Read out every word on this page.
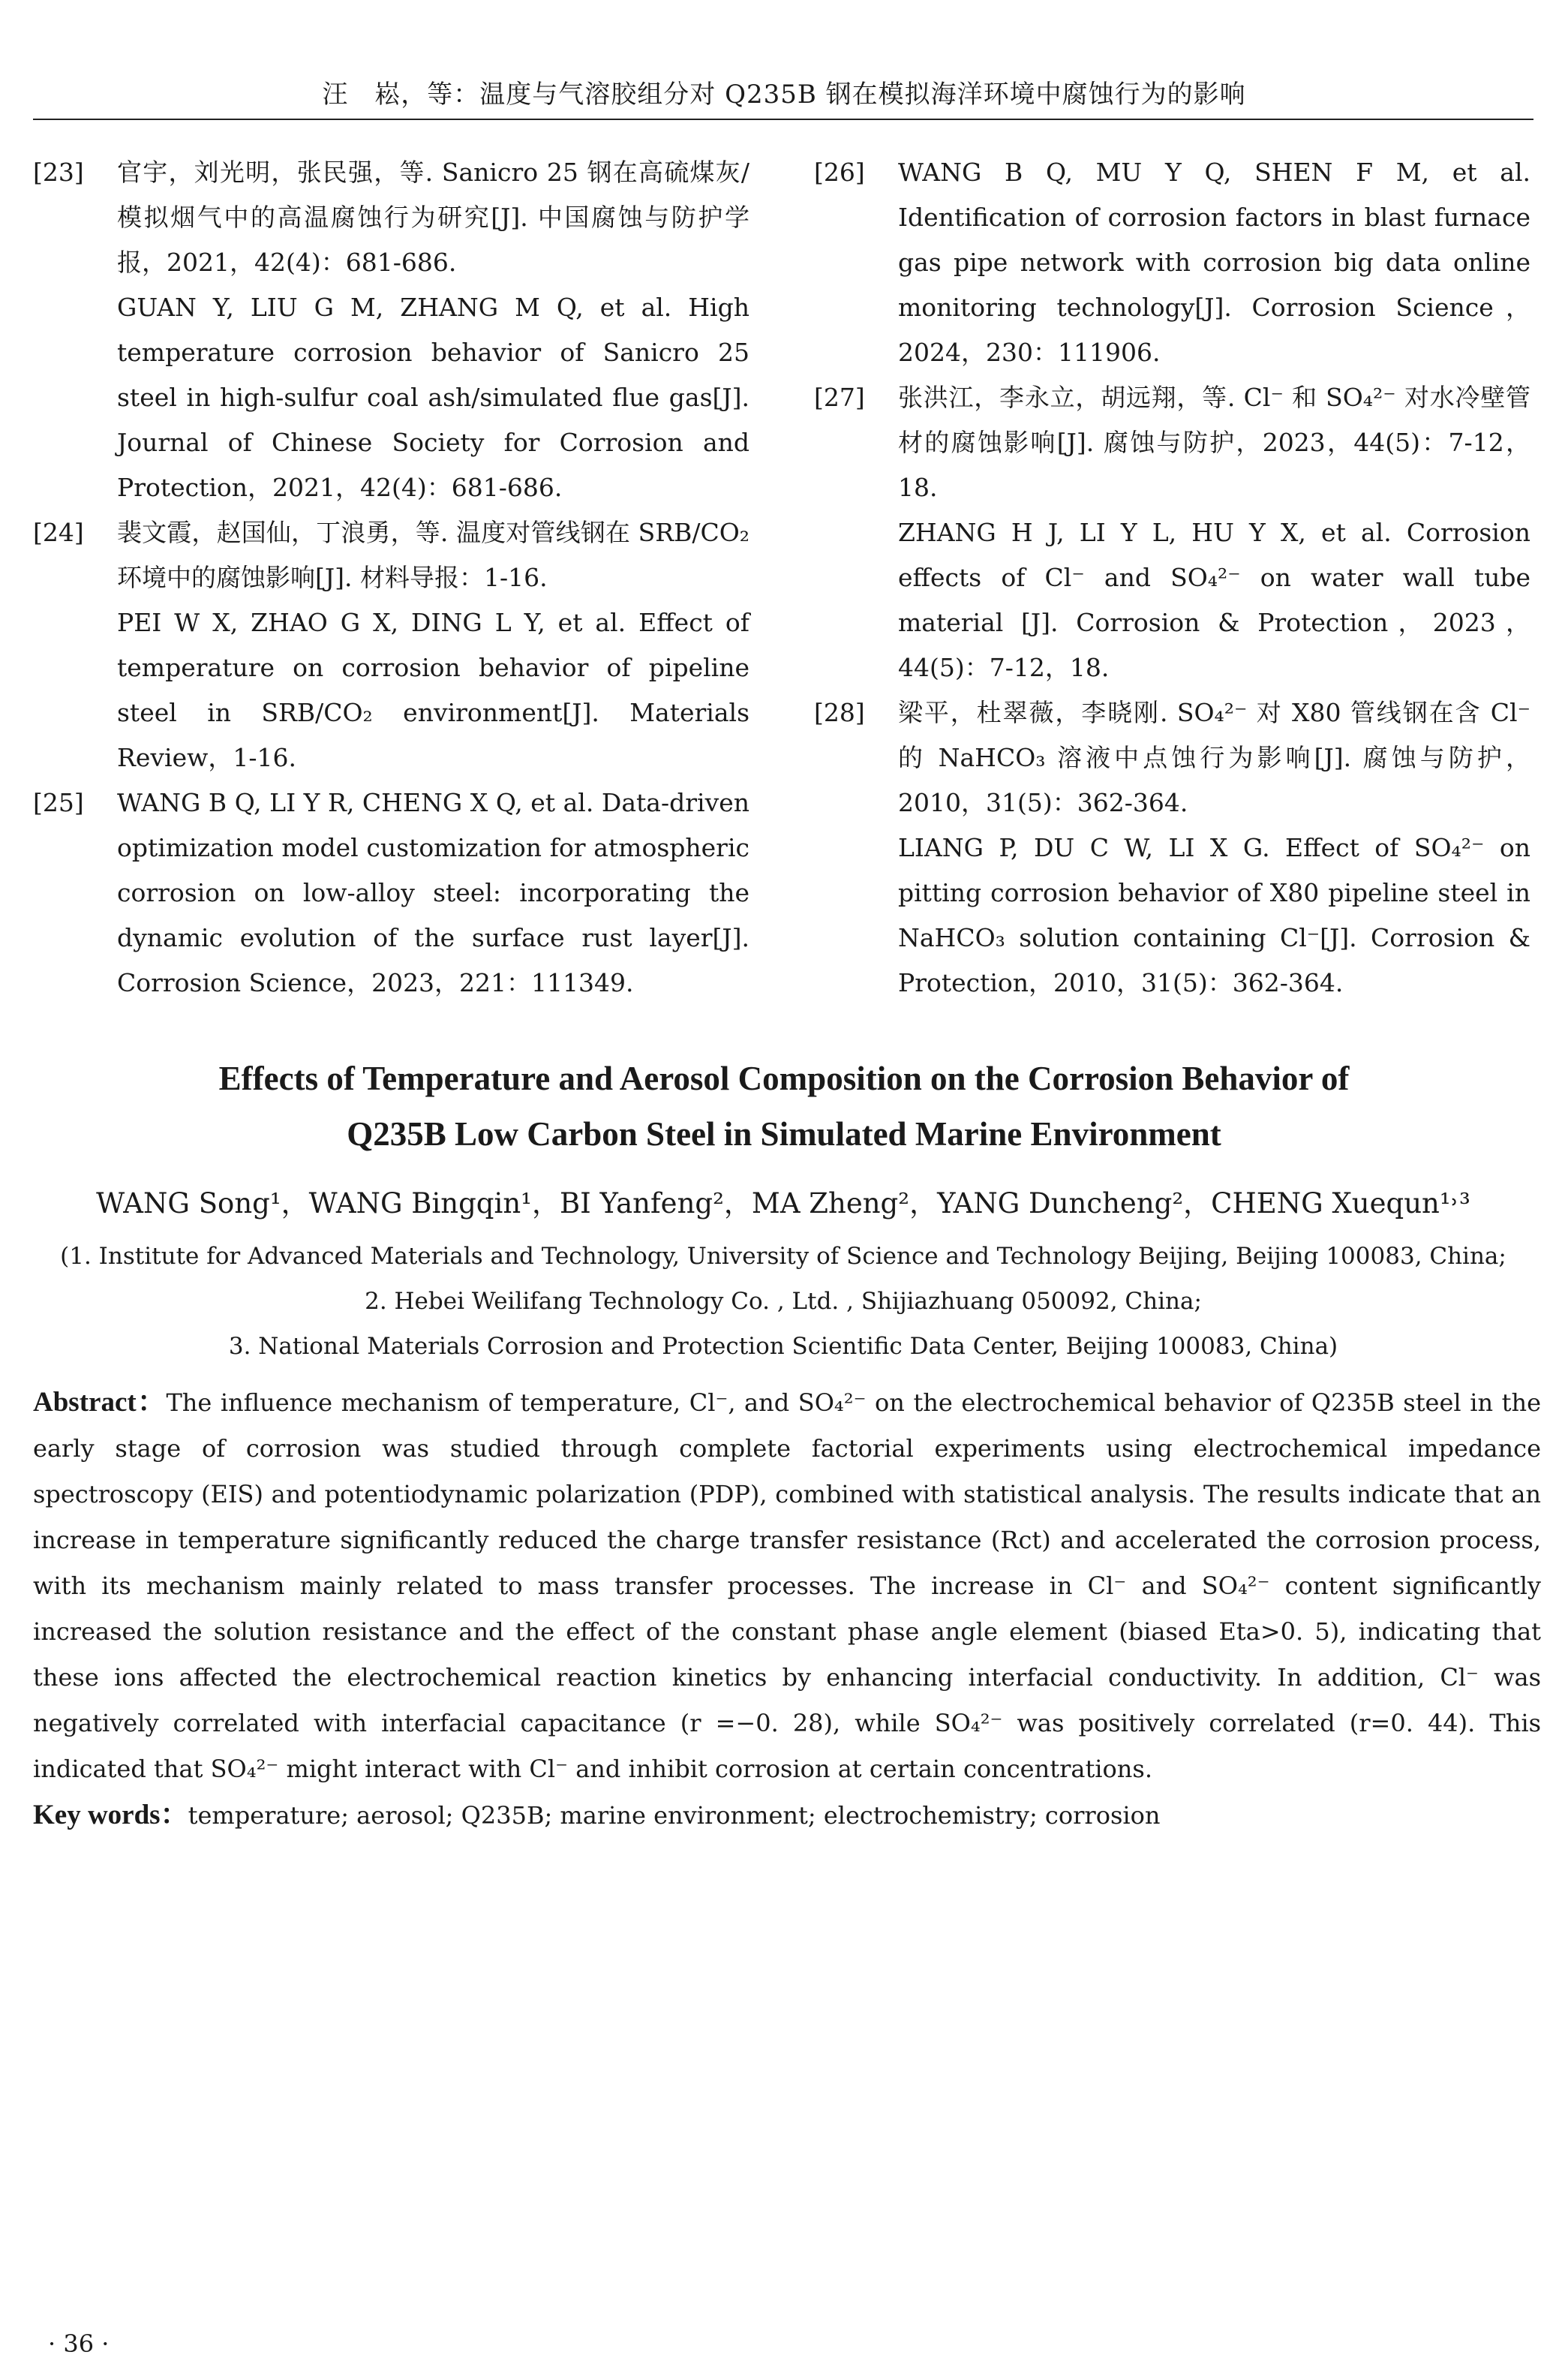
汪　崧，等：温度与气溶胶组分对 Q235B 钢在模拟海洋环境中腐蚀行为的影响
[23]	官宇，刘光明，张民强，等. Sanicro 25 钢在高硫煤灰/模拟烟气中的高温腐蚀行为研究[J]. 中国腐蚀与防护学报，2021，42(4)：681-686.

GUAN Y, LIU G M, ZHANG M Q, et al. High temperature corrosion behavior of Sanicro 25 steel in high-sulfur coal ash/simulated flue gas[J]. Journal of Chinese Society for Corrosion and Protection，2021，42(4)：681-686.

[24]	裴文霞，赵国仙，丁浪勇，等. 温度对管线钢在 SRB/CO₂ 环境中的腐蚀影响[J]. 材料导报：1-16.

PEI W X, ZHAO G X, DING L Y, et al. Effect of temperature on corrosion behavior of pipeline steel in SRB/CO₂ environment[J]. Materials Review，1-16.

[25]	WANG B Q, LI Y R, CHENG X Q, et al. Data-driven optimization model customization for atmospheric corrosion on low-alloy steel: incorporating the dynamic evolution of the surface rust layer[J]. Corrosion Science，2023，221：111349.

[26]	WANG B Q, MU Y Q, SHEN F M, et al. Identification of corrosion factors in blast furnace gas pipe network with corrosion big data online monitoring technology[J]. Corrosion Science，2024，230：111906.

[27]	张洪江，李永立，胡远翔，等. Cl⁻ 和 SO₄²⁻ 对水冷壁管材的腐蚀影响[J]. 腐蚀与防护，2023，44(5)：7-12，18.

ZHANG H J, LI Y L, HU Y X, et al. Corrosion effects of Cl⁻ and SO₄²⁻ on water wall tube material [J]. Corrosion & Protection，2023，44(5)：7-12，18.

[28]	梁平，杜翠薇，李晓刚. SO₄²⁻ 对 X80 管线钢在含 Cl⁻ 的 NaHCO₃ 溶液中点蚀行为影响[J]. 腐蚀与防护，2010，31(5)：362-364.

LIANG P, DU C W, LI X G. Effect of SO₄²⁻ on pitting corrosion behavior of X80 pipeline steel in NaHCO₃ solution containing Cl⁻[J]. Corrosion & Protection，2010，31(5)：362-364.

Effects of Temperature and Aerosol Composition on the Corrosion Behavior of
Q235B Low Carbon Steel in Simulated Marine Environment
WANG Song¹，WANG Bingqin¹，BI Yanfeng²，MA Zheng²，YANG Duncheng²，CHENG Xuequn¹˒³
(1. Institute for Advanced Materials and Technology, University of Science and Technology Beijing, Beijing 100083, China;
2. Hebei Weilifang Technology Co. , Ltd. , Shijiazhuang 050092, China;
3. National Materials Corrosion and Protection Scientific Data Center, Beijing 100083, China)
Abstract：The influence mechanism of temperature, Cl⁻, and SO₄²⁻ on the electrochemical behavior of Q235B steel in the early stage of corrosion was studied through complete factorial experiments using electrochemical impedance spectroscopy (EIS) and potentiodynamic polarization (PDP), combined with statistical analysis. The results indicate that an increase in temperature significantly reduced the charge transfer resistance (Rct) and accelerated the corrosion process, with its mechanism mainly related to mass transfer processes. The increase in Cl⁻ and SO₄²⁻ content significantly increased the solution resistance and the effect of the constant phase angle element (biased Eta>0. 5), indicating that these ions affected the electrochemical reaction kinetics by enhancing interfacial conductivity. In addition, Cl⁻ was negatively correlated with interfacial capacitance (r =−0. 28), while SO₄²⁻ was positively correlated (r=0. 44). This indicated that SO₄²⁻ might interact with Cl⁻ and inhibit corrosion at certain concentrations.
Key words：temperature; aerosol; Q235B; marine environment; electrochemistry; corrosion
· 36 ·
